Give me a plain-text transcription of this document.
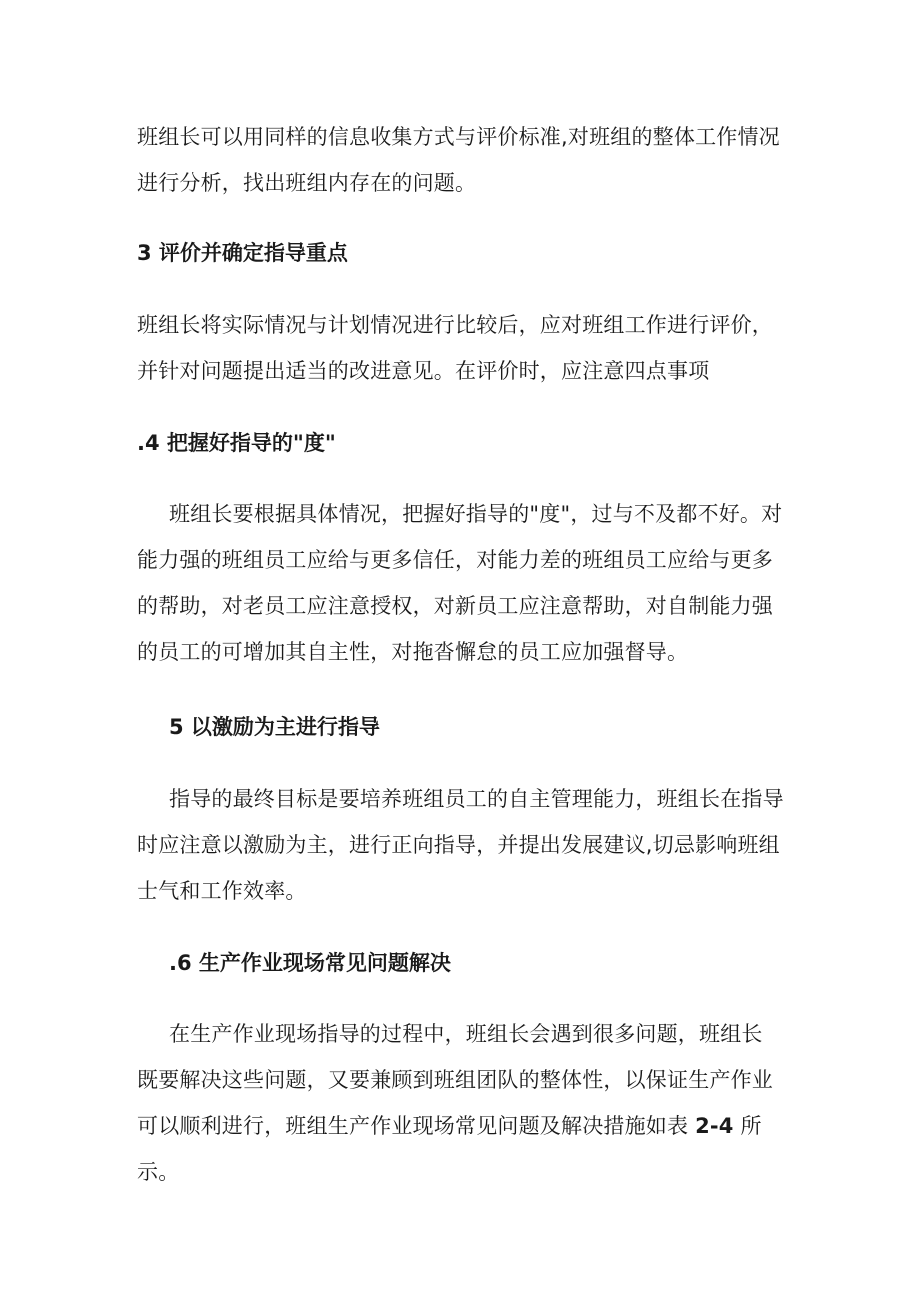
班组长可以用同样的信息收集方式与评价标准,对班组的整体工作情况
进行分析，找出班组内存在的问题。
3 评价并确定指导重点
班组长将实际情况与计划情况进行比较后，应对班组工作进行评价，
并针对问题提出适当的改进意见。在评价时，应注意四点事项
.4 把握好指导的"度"
班组长要根据具体情况，把握好指导的"度"，过与不及都不好。对
能力强的班组员工应给与更多信任，对能力差的班组员工应给与更多
的帮助，对老员工应注意授权，对新员工应注意帮助，对自制能力强
的员工的可增加其自主性，对拖沓懈怠的员工应加强督导。
5 以激励为主进行指导
指导的最终目标是要培养班组员工的自主管理能力，班组长在指导
时应注意以激励为主，进行正向指导，并提出发展建议,切忌影响班组
士气和工作效率。
.6 生产作业现场常见问题解决
在生产作业现场指导的过程中，班组长会遇到很多问题，班组长
既要解决这些问题，又要兼顾到班组团队的整体性，以保证生产作业
可以顺利进行，班组生产作业现场常见问题及解决措施如表 2-4 所
示。
